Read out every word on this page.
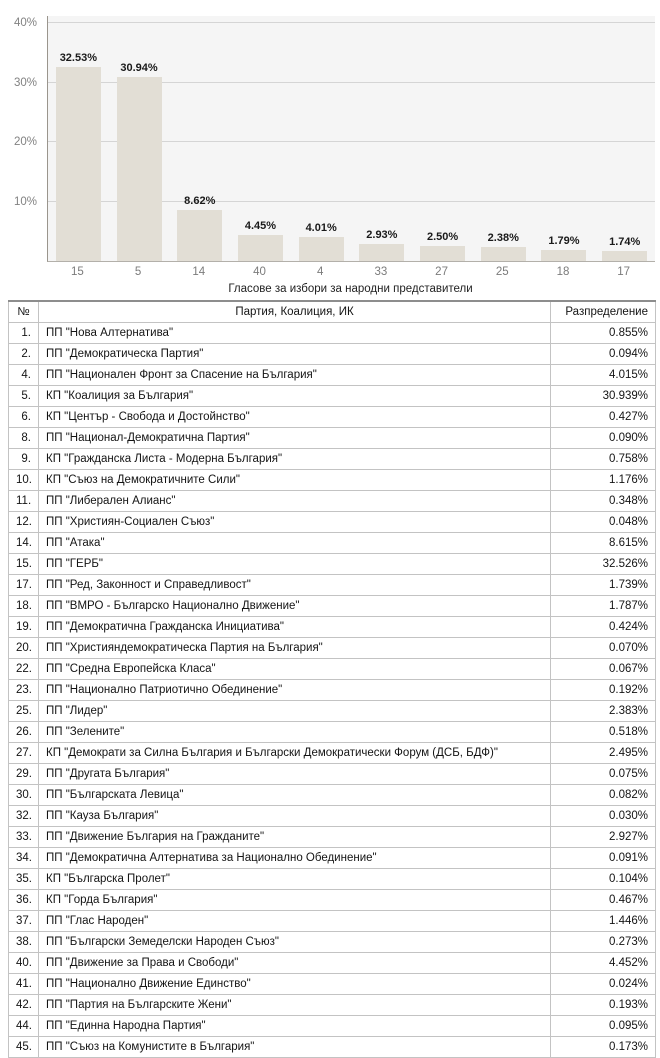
10%
20%
30%
40%
32.53%
30.94%
8.62%
4.45%	4.01%
2.93%	2.50%	2.38%	1.79%	1.74%
15	5	14	40	4	33	27	25	18	17
Гласове за избори за народни представители
№	Партия, Коалиция, ИК	Разпределение
1.	ПП "Нова Алтернатива"	0.855%
2.	ПП "Демократическа Партия"	0.094%
4.	ПП "Национален Фронт за Спасение на България"	4.015%
5.	КП "Коалиция за България"	30.939%
6.	КП "Център - Свобода и Достойнство"	0.427%
8.	ПП "Национал-Демократична Партия"	0.090%
9.	КП "Гражданска Листа - Модерна България"	0.758%
10.	КП "Съюз на Демократичните Сили"	1.176%
11.	ПП "Либерален Алианс"	0.348%
12.	ПП "Християн-Социален Съюз"	0.048%
14.	ПП "Атака"	8.615%
15.	ПП "ГЕРБ"	32.526%
17.	ПП "Ред, Законност и Справедливост"	1.739%
18.	ПП "ВМРО - Българско Национално Движение"	1.787%
19.	ПП "Демократична Гражданска Инициатива"	0.424%
20.	ПП "Християндемократическа Партия на България"	0.070%
22.	ПП "Средна Европейска Класа"	0.067%
23.	ПП "Национално Патриотично Обединение"	0.192%
25.	ПП "Лидер"	2.383%
26.	ПП "Зелените"	0.518%
27.	КП "Демократи за Силна България и Български Демократически Форум (ДСБ, БДФ)"	2.495%
29.	ПП "Другата България"	0.075%
30.	ПП "Българската Левица"	0.082%
32.	ПП "Кауза България"	0.030%
33.	ПП "Движение България на Гражданите"	2.927%
34.	ПП "Демократична Алтернатива за Национално Обединение"	0.091%
35.	КП "Българска Пролет"	0.104%
36.	КП "Горда България"	0.467%
37.	ПП "Глас Народен"	1.446%
38.	ПП "Български Земеделски Народен Съюз"	0.273%
40.	ПП "Движение за Права и Свободи"	4.452%
41.	ПП "Национално Движение Единство"	0.024%
42.	ПП "Партия на Българските Жени"	0.193%
44.	ПП "Единна Народна Партия"	0.095%
45.	ПП "Съюз на Комунистите в България"	0.173%
